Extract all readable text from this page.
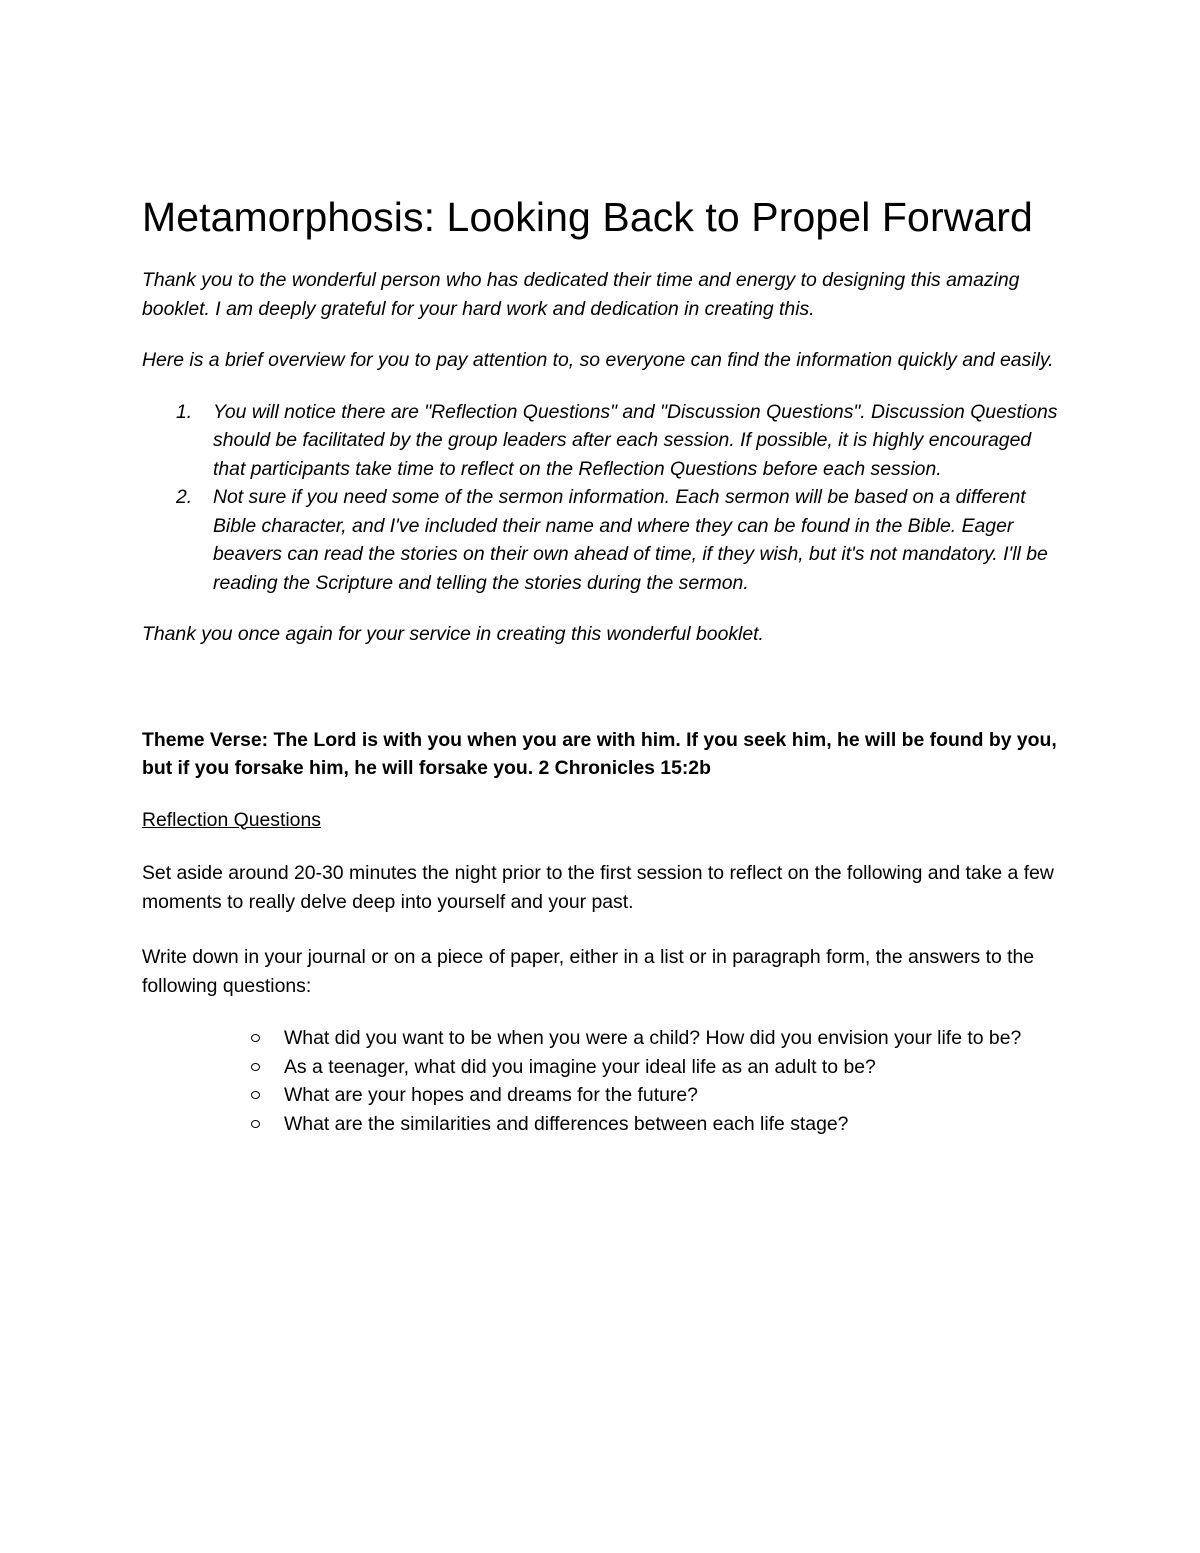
Metamorphosis: Looking Back to Propel Forward

Thank you to the wonderful person who has dedicated their time and energy to designing this amazing booklet. I am deeply grateful for your hard work and dedication in creating this.

Here is a brief overview for you to pay attention to, so everyone can find the information quickly and easily.

1. You will notice there are "Reflection Questions" and "Discussion Questions". Discussion Questions should be facilitated by the group leaders after each session. If possible, it is highly encouraged that participants take time to reflect on the Reflection Questions before each session.
2. Not sure if you need some of the sermon information. Each sermon will be based on a different Bible character, and I've included their name and where they can be found in the Bible. Eager beavers can read the stories on their own ahead of time, if they wish, but it's not mandatory. I'll be reading the Scripture and telling the stories during the sermon.

Thank you once again for your service in creating this wonderful booklet.

Theme Verse: The Lord is with you when you are with him. If you seek him, he will be found by you, but if you forsake him, he will forsake you. 2 Chronicles 15:2b

Reflection Questions

Set aside around 20-30 minutes the night prior to the first session to reflect on the following and take a few moments to really delve deep into yourself and your past.

Write down in your journal or on a piece of paper, either in a list or in paragraph form, the answers to the following questions:

What did you want to be when you were a child? How did you envision your life to be?
As a teenager, what did you imagine your ideal life as an adult to be?
What are your hopes and dreams for the future?
What are the similarities and differences between each life stage?
